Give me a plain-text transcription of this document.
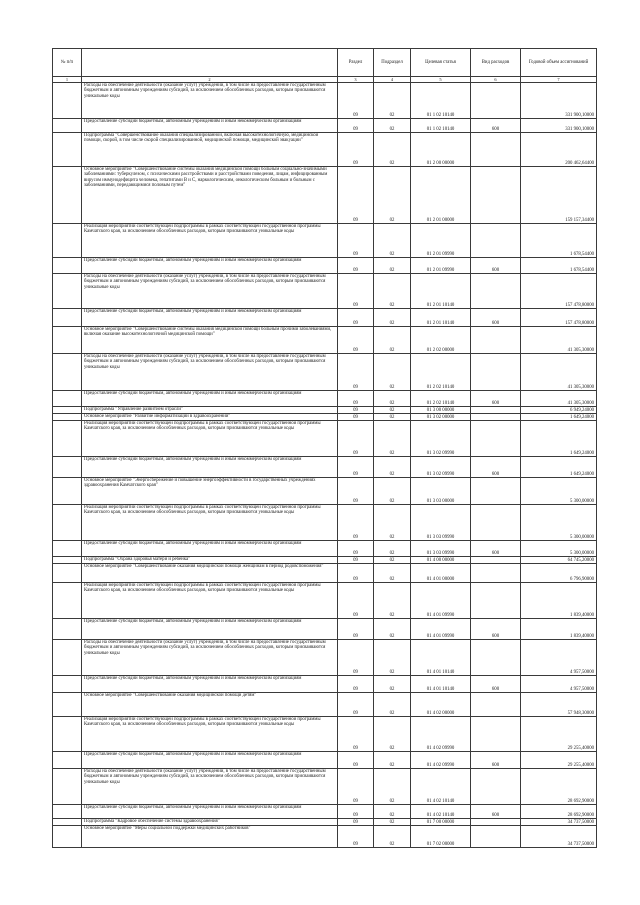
№ п/п		Раздел	Подраздел	Целевая статья	Вид расходов	Годовой объем ассигнований
1	2	3	4	5	6	7
	Расходы на обеспечение деятельности (оказание услуг) учреждений, в том числе на предоставление государственным бюджетным и автономным учреждениям субсидий, за исключением обособленных расходов, которым присваиваются уникальные коды	09	02	01 1 02 10140		331 900,10000
	Предоставление субсидий бюджетным, автономным учреждениям и иным некоммерческим организациям	09	02	01 1 02 10140	600	331 900,10000
	Подпрограмма "Совершенствование оказания специализированной, включая высокотехнологичную, медицинской помощи, скорой, в том числе скорой специализированной, медицинской помощи, медицинской эвакуации"	09	02	01 2 00 00000		200 462,64400
	Основное мероприятие "Совершенствование системы оказания медицинской помощи больным социально-значимыми заболеваниями: туберкулезом, с психическими расстройствами и расстройствами поведения, лицам, инфицированным вирусом иммунодефицита человека, гепатитами В и С, наркологическим, онкологическим больным и больным с заболеваниями, передающимися половым путем"	09	02	01 2 01 00000		159 157,34400
	Реализация мероприятий соответствующей подпрограммы в рамках соответствующей государственной программы Камчатского края, за исключением обособленных расходов, которым присваиваются уникальные коды	09	02	01 2 01 09990		1 678,54400
	Предоставление субсидий бюджетным, автономным учреждениям и иным некоммерческим организациям	09	02	01 2 01 09990	600	1 678,54400
	Расходы на обеспечение деятельности (оказание услуг) учреждений, в том числе на предоставление государственным бюджетным и автономным учреждениям субсидий, за исключением обособленных расходов, которым присваиваются уникальные коды	09	02	01 2 01 10140		157 478,80000
	Предоставление субсидий бюджетным, автономным учреждениям и иным некоммерческим организациям	09	02	01 2 01 10140	600	157 478,80000
	Основное мероприятие "Совершенствование системы оказания медицинской помощи больным прочими заболеваниями, включая оказание высокотехнологичной медицинской помощи"	09	02	01 2 02 00000		41 305,30000
	Расходы на обеспечение деятельности (оказание услуг) учреждений, в том числе на предоставление государственным бюджетным и автономным учреждениям субсидий, за исключением обособленных расходов, которым присваиваются уникальные коды	09	02	01 2 02 10140		41 305,30000
	Предоставление субсидий бюджетным, автономным учреждениям и иным некоммерческим организациям	09	02	01 2 02 10140	600	41 305,30000
	Подпрограмма "Управление развитием отрасли"	09	02	01 3 00 00000		6 949,24000
	Основное мероприятие "Развитие информатизации в здравоохранении"	09	02	01 3 02 00000		1 649,24000
	Реализация мероприятий соответствующей подпрограммы в рамках соответствующей государственной программы Камчатского края, за исключением обособленных расходов, которым присваиваются уникальные коды	09	02	01 3 02 09990		1 649,24000
	Предоставление субсидий бюджетным, автономным учреждениям и иным некоммерческим организациям	09	02	01 3 02 09990	600	1 649,24000
	Основное мероприятие "Энергосбережение и повышение энергоэффективности в государственных учреждениях здравоохранения Камчатского края"	09	02	01 3 03 00000		5 300,00000
	Реализация мероприятий соответствующей подпрограммы в рамках соответствующей государственной программы Камчатского края, за исключением обособленных расходов, которым присваиваются уникальные коды	09	02	01 3 03 09990		5 300,00000
	Предоставление субсидий бюджетным, автономным учреждениям и иным некоммерческим организациям	09	02	01 3 03 09990	600	5 300,00000
	Подпрограмма "Охрана здоровья матери и ребенка"	09	02	01 4 00 00000		64 745,20000
	Основное мероприятие "Совершенствование оказания медицинской помощи женщинам в период родовспоможения"	09	02	01 4 01 00000		6 796,90000
	Реализация мероприятий соответствующей подпрограммы в рамках соответствующей государственной программы Камчатского края, за исключением обособленных расходов, которым присваиваются уникальные коды	09	02	01 4 01 09990		1 839,40000
	Предоставление субсидий бюджетным, автономным учреждениям и иным некоммерческим организациям	09	02	01 4 01 09990	600	1 839,40000
	Расходы на обеспечение деятельности (оказание услуг) учреждений, в том числе на предоставление государственным бюджетным и автономным учреждениям субсидий, за исключением обособленных расходов, которым присваиваются уникальные коды	09	02	01 4 01 10140		4 957,50000
	Предоставление субсидий бюджетным, автономным учреждениям и иным некоммерческим организациям	09	02	01 4 01 10140	600	4 957,50000
	Основное мероприятие "Совершенствование оказания медицинской помощи детям"	09	02	01 4 02 00000		57 948,30000
	Реализация мероприятий соответствующей подпрограммы в рамках соответствующей государственной программы Камчатского края, за исключением обособленных расходов, которым присваиваются уникальные коды	09	02	01 4 02 09990		29 255,40000
	Предоставление субсидий бюджетным, автономным учреждениям и иным некоммерческим организациям	09	02	01 4 02 09990	600	29 255,40000
	Расходы на обеспечение деятельности (оказание услуг) учреждений, в том числе на предоставление государственным бюджетным и автономным учреждениям субсидий, за исключением обособленных расходов, которым присваиваются уникальные коды	09	02	01 4 02 10140		28 692,90000
	Предоставление субсидий бюджетным, автономным учреждениям и иным некоммерческим организациям	09	02	01 4 02 10140	600	28 692,90000
	Подпрограмма "Кадровое обеспечение системы здравоохранения"	09	02	01 7 00 00000		34 737,50000
	Основное мероприятие "Меры социальной поддержки медицинских работников"	09	02	01 7 02 00000		34 737,50000
